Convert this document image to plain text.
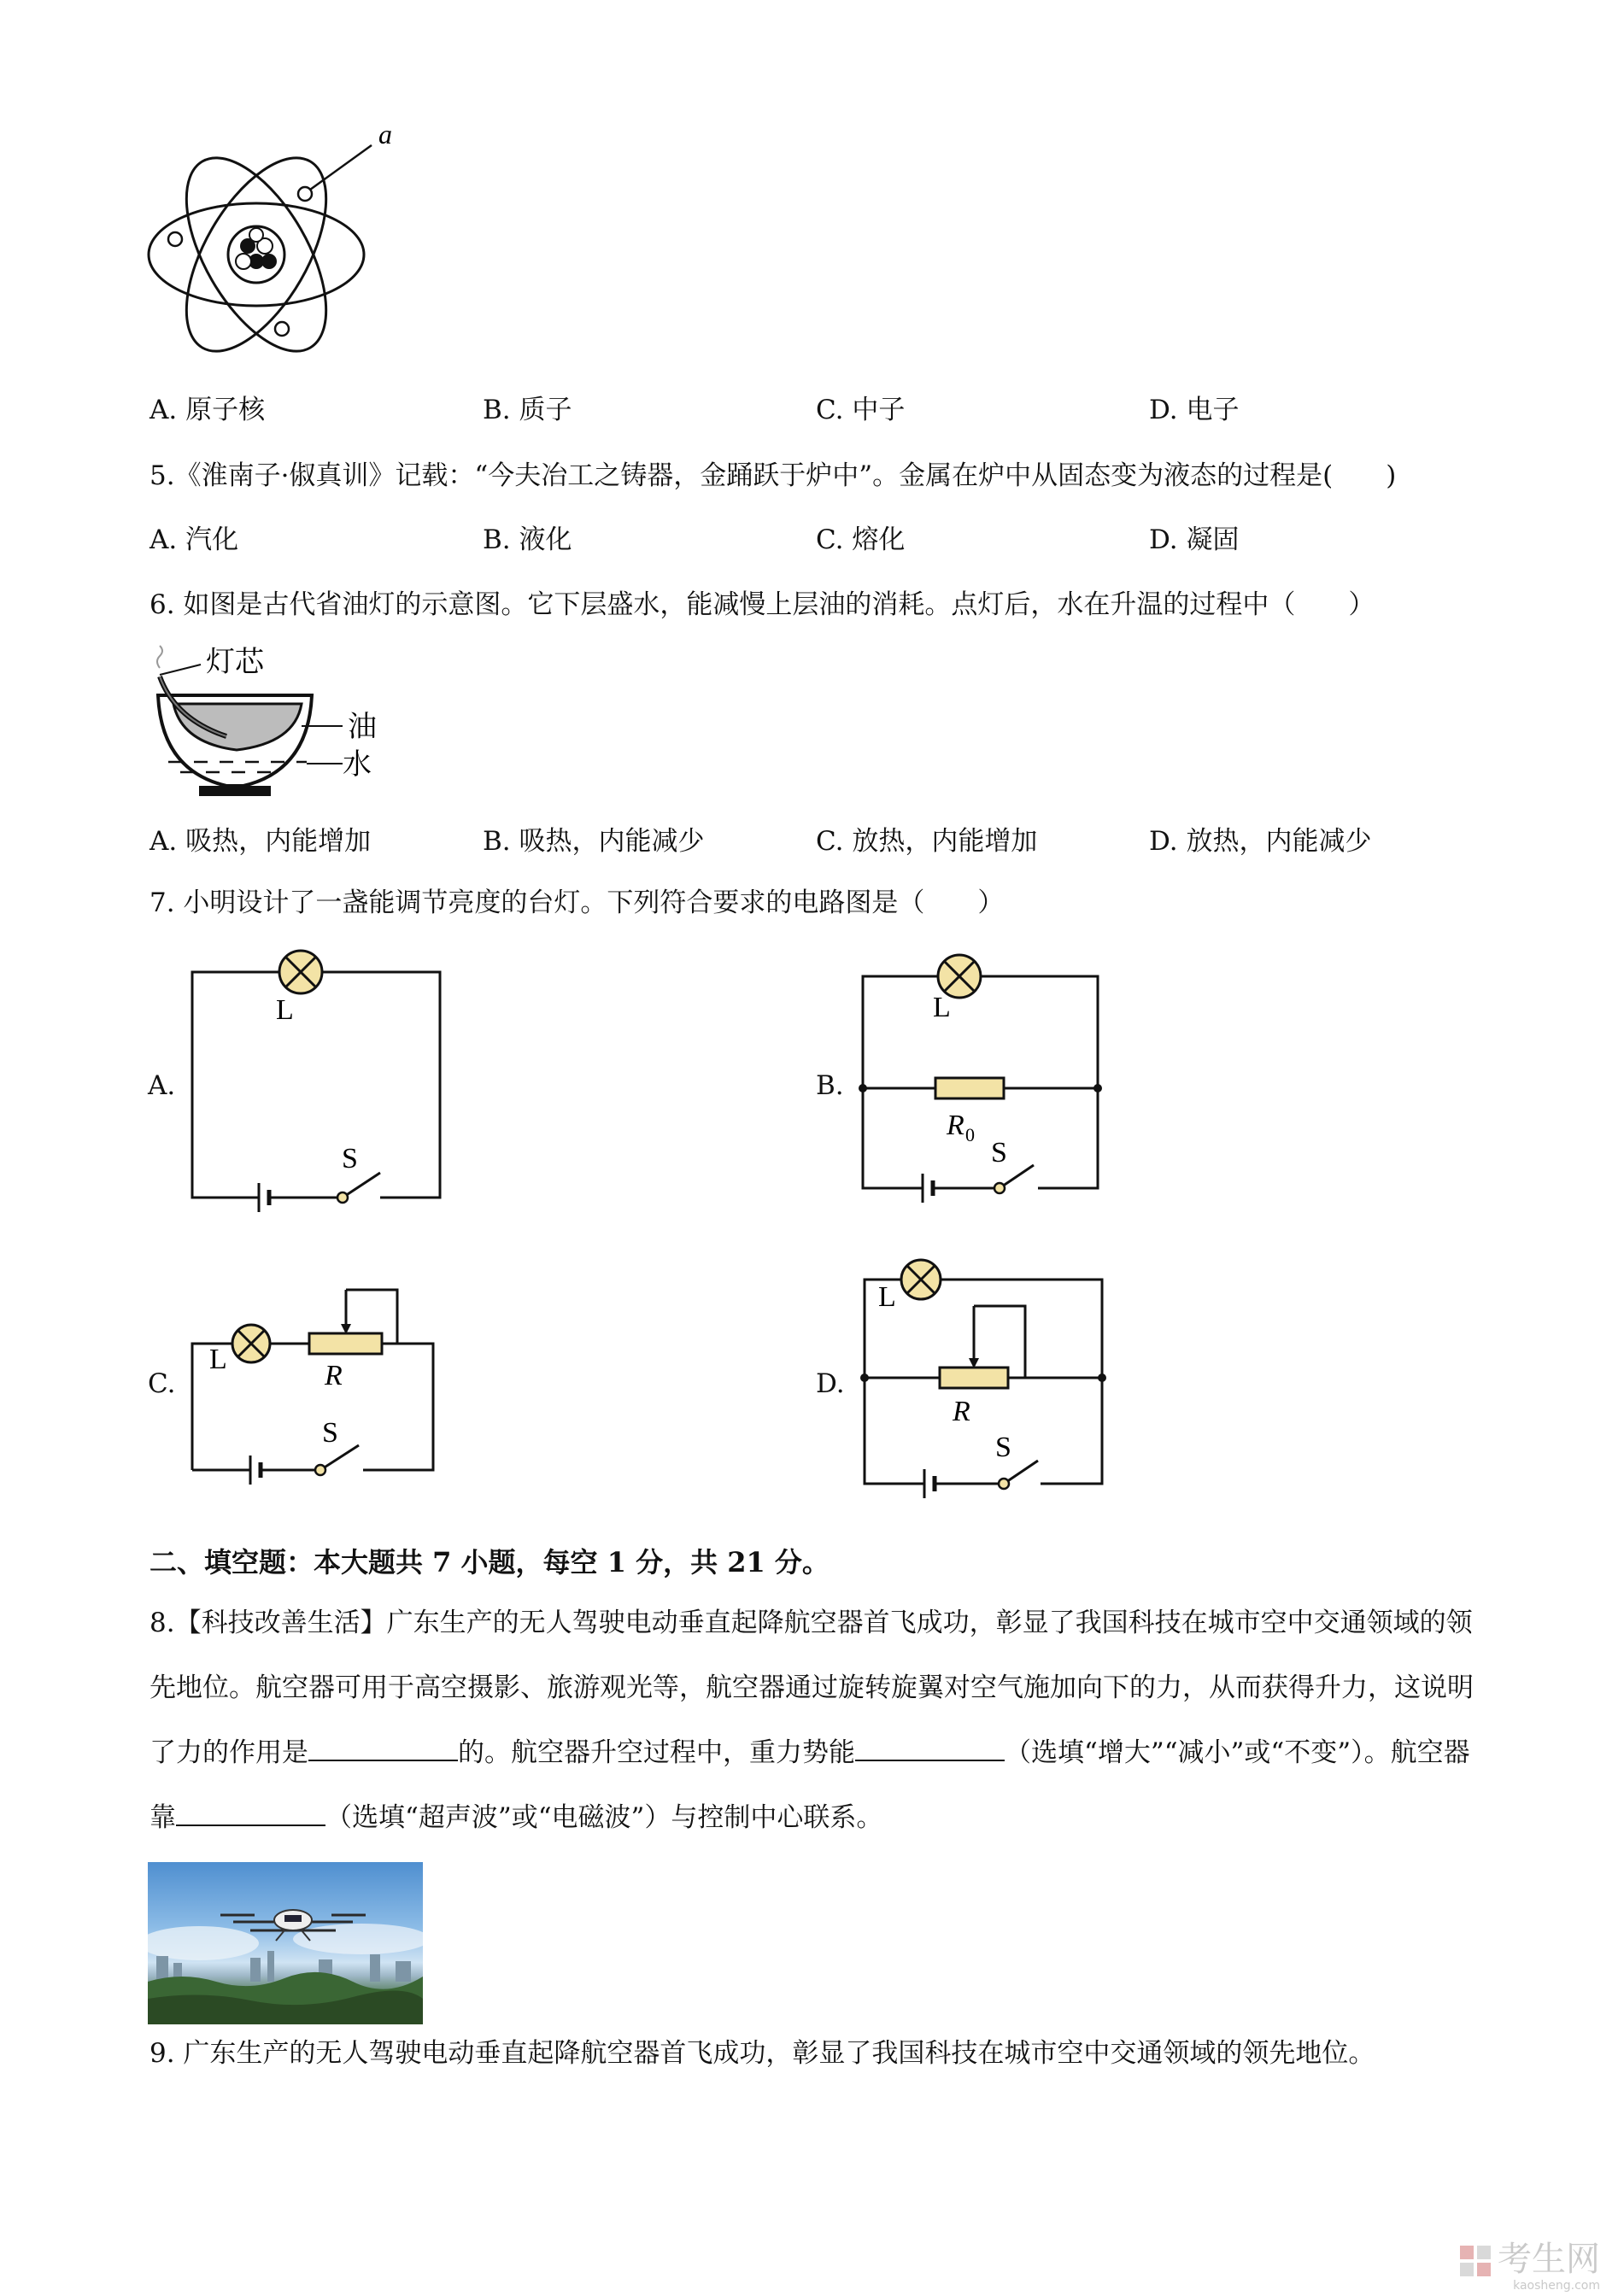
a
A. 原子核	B. 质子	C. 中子	D. 电子
5.《淮南子·俶真训》记载：“今夫冶工之铸器，金踊跃于炉中”。金属在炉中从固态变为液态的过程是(　　)
A. 汽化	B. 液化	C. 熔化	D. 凝固
6. 如图是古代省油灯的示意图。它下层盛水，能减慢上层油的消耗。点灯后，水在升温的过程中（　　）
灯芯
油
水
A. 吸热，内能增加	B. 吸热，内能减少	C. 放热，内能增加	D. 放热，内能减少
7. 小明设计了一盏能调节亮度的台灯。下列符合要求的电路图是（　　）
A.
L
S
B.
L
R 0
S
C.
L
R
S
D.
L
R
S
二、填空题：本大题共 7 小题，每空 1 分，共 21 分。
8.【科技改善生活】广东生产的无人驾驶电动垂直起降航空器首飞成功，彰显了我国科技在城市空中交通领域的领先地位。航空器可用于高空摄影、旅游观光等，航空器通过旋转旋翼对空气施加向下的力，从而获得升力，这说明了力的作用是	的。航空器升空过程中，重力势能	（选填“增大”“减小”或“不变”）。航空器靠	（选填“超声波”或“电磁波”）与控制中心联系。
9. 广东生产的无人驾驶电动垂直起降航空器首飞成功，彰显了我国科技在城市空中交通领域的领先地位。
考生网
kaosheng.com
